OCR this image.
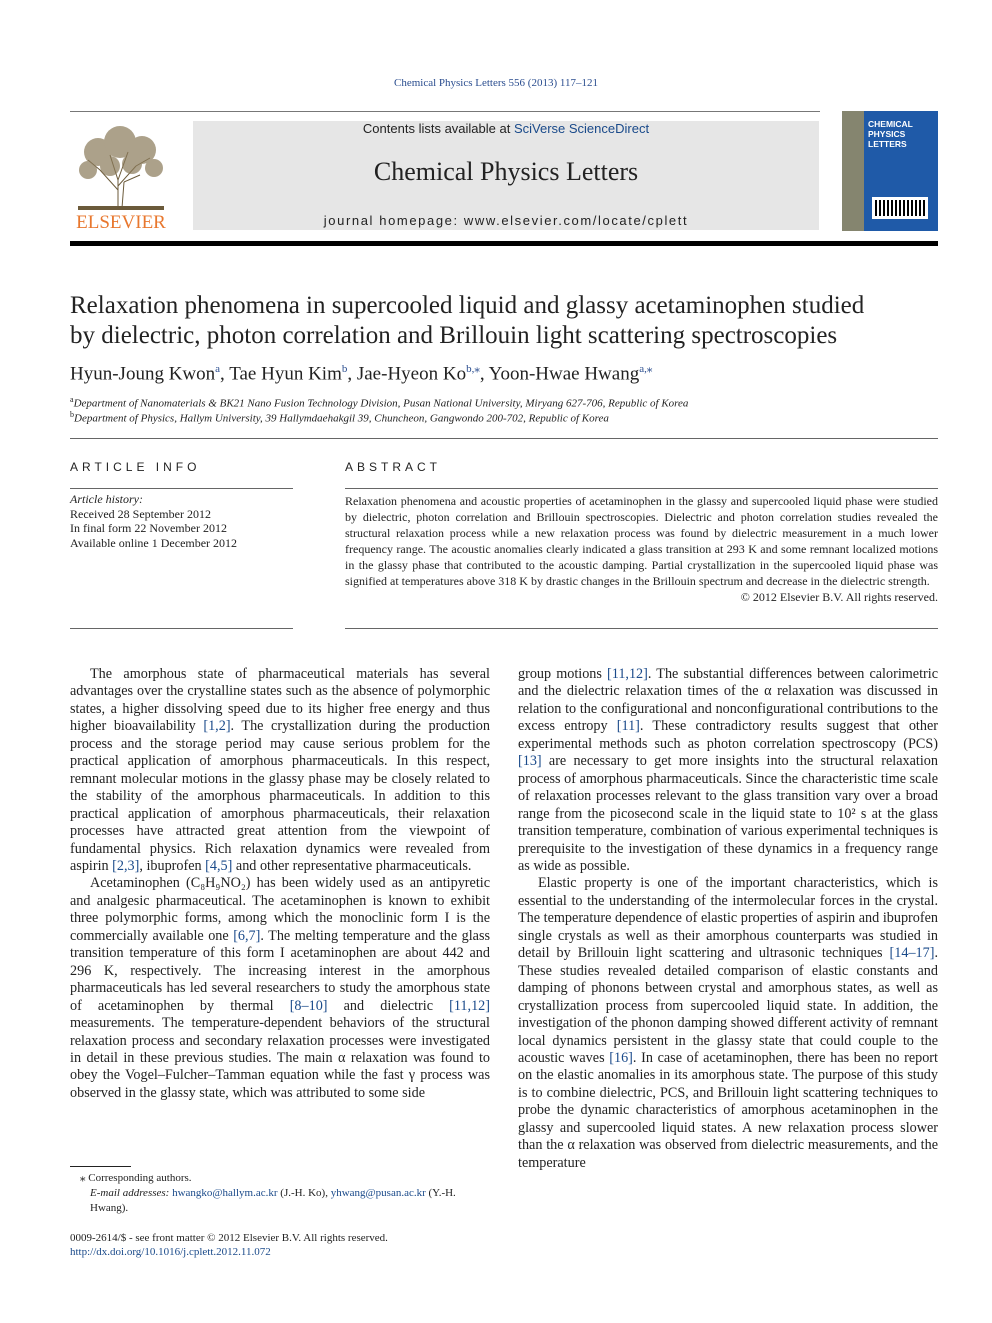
Chemical Physics Letters 556 (2013) 117–121
ELSEVIER
Contents lists available at SciVerse ScienceDirect
Chemical Physics Letters
journal homepage: www.elsevier.com/locate/cplett
CHEMICAL
PHYSICS
LETTERS
Relaxation phenomena in supercooled liquid and glassy acetaminophen studied
by dielectric, photon correlation and Brillouin light scattering spectroscopies
Hyun-Joung Kwon$^a$, Tae Hyun Kim$^b$, Jae-Hyeon $Ko^{b,⁎}$, Yoon-Hwae Hwang$^{a,⁎}$
$^a$Department of Nanomaterials & BK21 Nano Fusion Technology Division, Pusan National University, Miryang 627-706, Republic of Korea
$^b$Department of Physics, Hallym University, 39 Hallymdaehakgil 39, Chuncheon, Gangwondo 200-702, Republic of Korea
ARTICLE INFO
Article history:
Received 28 September 2012
In final form 22 November 2012
Available online 1 December 2012
ABSTRACT
Relaxation phenomena and acoustic properties of acetaminophen in the glassy and supercooled liquid phase were studied by dielectric, photon correlation and Brillouin spectroscopies. Dielectric and photon correlation studies revealed the structural relaxation process while a new relaxation process was found by dielectric measurement in a much lower frequency range. The acoustic anomalies clearly indicated a glass transition at 293 K and some remnant localized motions in the glassy phase that contributed to the acoustic damping. Partial crystallization in the supercooled liquid phase was signified at temperatures above 318 K by drastic changes in the Brillouin spectrum and decrease in the dielectric strength.
© 2012 Elsevier B.V. All rights reserved.

The amorphous state of pharmaceutical materials has several advantages over the crystalline states such as the absence of polymorphic states, a higher dissolving speed due to its higher free energy and thus higher bioavailability [1,2]. The crystallization during the production process and the storage period may cause serious problem for the practical application of amorphous pharmaceuticals. In this respect, remnant molecular motions in the glassy phase may be closely related to the stability of the amorphous pharmaceuticals. In addition to this practical application of amorphous pharmaceuticals, their relaxation processes have attracted great attention from the viewpoint of fundamental physics. Rich relaxation dynamics were revealed from aspirin [2,3], ibuprofen [4,5] and other representative pharmaceuticals.

Acetaminophen (C₈H₉NO₂) has been widely used as an antipyretic and analgesic pharmaceutical. The acetaminophen is known to exhibit three polymorphic forms, among which the monoclinic form I is the commercially available one [6,7]. The melting temperature and the glass transition temperature of this form I acetaminophen are about 442 and 296 K, respectively. The increasing interest in the amorphous pharmaceuticals has led several researchers to study the amorphous state of acetaminophen by thermal [8–10] and dielectric [11,12] measurements. The temperature-dependent behaviors of the structural relaxation process and secondary relaxation processes were investigated in detail in these previous studies. The main α relaxation was found to obey the Vogel–Fulcher–Tamman equation while the fast γ process was observed in the glassy state, which was attributed to some side

group motions [11,12]. The substantial differences between calorimetric and the dielectric relaxation times of the α relaxation was discussed in relation to the configurational and nonconfigurational contributions to the excess entropy [11]. These contradictory results suggest that other experimental methods such as photon correlation spectroscopy (PCS) [13] are necessary to get more insights into the structural relaxation process of amorphous pharmaceuticals. Since the characteristic time scale of relaxation processes relevant to the glass transition vary over a broad range from the picosecond scale in the liquid state to 10² s at the glass transition temperature, combination of various experimental techniques is prerequisite to the investigation of these dynamics in a frequency range as wide as possible.

Elastic property is one of the important characteristics, which is essential to the understanding of the intermolecular forces in the crystal. The temperature dependence of elastic properties of aspirin and ibuprofen single crystals as well as their amorphous counterparts was studied in detail by Brillouin light scattering and ultrasonic techniques [14–17]. These studies revealed detailed comparison of elastic constants and damping of phonons between crystal and amorphous states, as well as crystallization process from supercooled liquid state. In addition, the investigation of the phonon damping showed different activity of remnant local dynamics persistent in the glassy state that could couple to the acoustic waves [16]. In case of acetaminophen, there has been no report on the elastic anomalies in its amorphous state. The purpose of this study is to combine dielectric, PCS, and Brillouin light scattering techniques to probe the dynamic characteristics of amorphous acetaminophen in the glassy and supercooled liquid states. A new relaxation process slower than the α relaxation was observed from dielectric measurements, and the temperature

⁎ Corresponding authors.
E-mail addresses: hwangko@hallym.ac.kr (J.-H. Ko), yhwang@pusan.ac.kr (Y.-H. Hwang).
0009-2614/$ - see front matter © 2012 Elsevier B.V. All rights reserved.
http://dx.doi.org/10.1016/j.cplett.2012.11.072
